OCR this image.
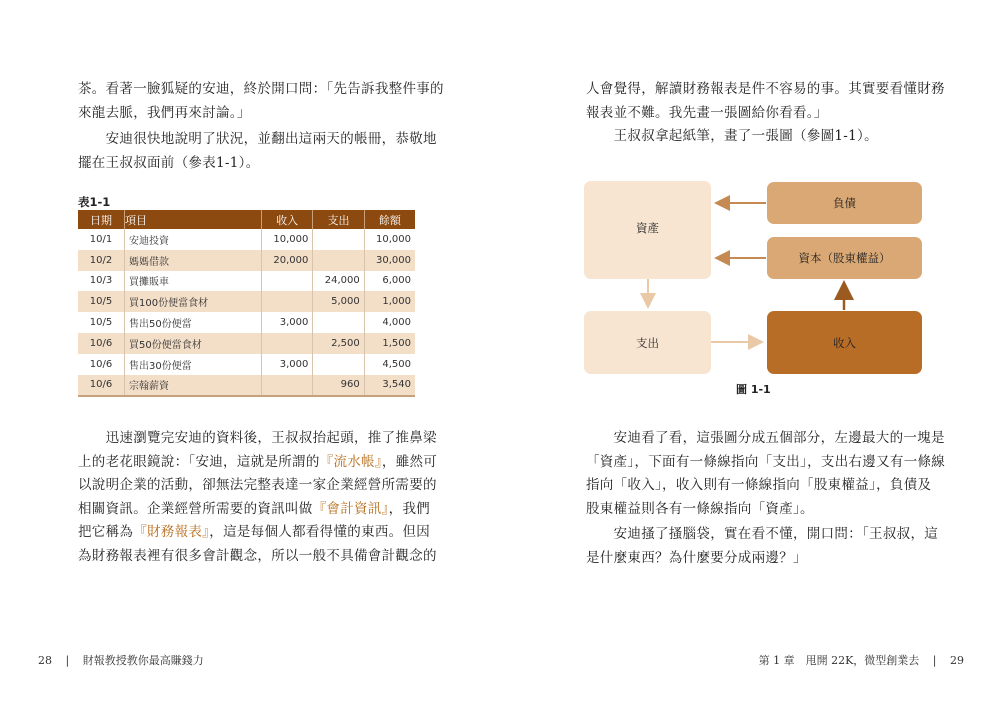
茶。看著一臉狐疑的安迪，終於開口問：「先告訴我整件事的
來龍去脈，我們再來討論。」
　　安迪很快地說明了狀況，並翻出這兩天的帳冊，恭敬地
擺在王叔叔面前（參表1-1）。
表1-1
日期	項目	收入	支出	餘額
10/1	安迪投資	10,000		10,000
10/2	媽媽借款	20,000		30,000
10/3	買攤販車		24,000	6,000
10/5	買100份便當食材		5,000	1,000
10/5	售出50份便當	3,000		4,000
10/6	買50份便當食材		2,500	1,500
10/6	售出30份便當	3,000		4,500
10/6	宗翰薪資		960	3,540
　　迅速瀏覽完安迪的資料後，王叔叔抬起頭，推了推鼻梁
上的老花眼鏡說：「安迪，這就是所謂的『流水帳』，雖然可
以說明企業的活動，卻無法完整表達一家企業經營所需要的
相關資訊。企業經營所需要的資訊叫做『會計資訊』，我們
把它稱為『財務報表』，這是每個人都看得懂的東西。但因
為財務報表裡有很多會計觀念，所以一般不具備會計觀念的
28 | 財報教授教你最高賺錢力
人會覺得，解讀財務報表是件不容易的事。其實要看懂財務
報表並不難。我先畫一張圖給你看看。」
　　王叔叔拿起紙筆，畫了一張圖（參圖1-1）。
資產
負債
資本（股東權益）
支出	收入
圖 1-1
　　安迪看了看，這張圖分成五個部分，左邊最大的一塊是
「資產」，下面有一條線指向「支出」，支出右邊又有一條線
指向「收入」，收入則有一條線指向「股東權益」，負債及
股東權益則各有一條線指向「資產」。
　　安迪搔了搔腦袋，實在看不懂，開口問：「王叔叔，這
是什麼東西？為什麼要分成兩邊？」
第 1 章　甩開 22K，微型創業去 | 29
